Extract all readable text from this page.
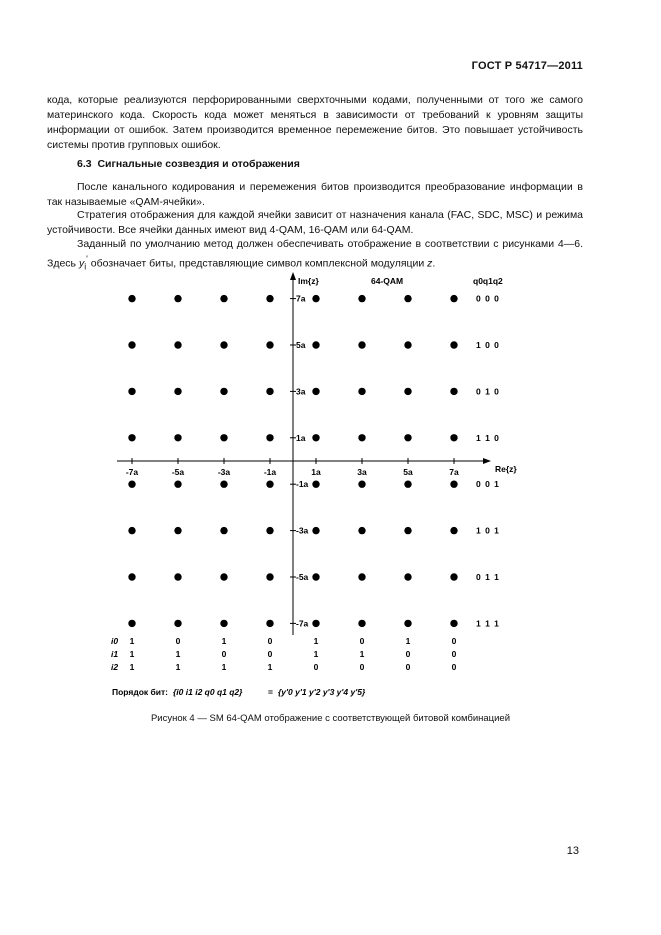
ГОСТ Р 54717—2011

кода, которые реализуются перфорированными сверхточными кодами, полученными от того же самого материнского кода. Скорость кода может меняться в зависимости от требований к уровням защиты информации от ошибок. Затем производится временное перемежение битов. Это повышает устойчивость системы против групповых ошибок.

6.3 Сигнальные созвездия и отображения

После канального кодирования и перемежения битов производится преобразование информации в так называемые «QAM-ячейки».

Стратегия отображения для каждой ячейки зависит от назначения канала (FAC, SDC, MSC) и режима устойчивости. Все ячейки данных имеют вид 4-QAM, 16-QAM или 64-QAM.

Заданный по умолчанию метод должен обеспечивать отображение в соответствии с рисунками 4—6. Здесь $y_i'$ обозначает биты, представляющие символ комплексной модуляции z.

Im{z}
Re{z}
64-QAM	q0q1q2
-7a	-5a	-3a	-1a	1a	3a	5a	7a
7a
5a
3a
1a
-1a
-3a
-5a
-7a
0 0 0
1 0 0
0 1 0
1 1 0
0 0 1
1 0 1
0 1 1
1 1 1
i0
i1
i2
1	0	1	0	1	0	1	0
1	1	0	0	1	1	0	0
1	1	1	1	0	0	0	0
Порядок бит: {i0 i1 i2 q0 q1 q2}	= {y'0 y'1 y'2 y'3 y'4 y'5}
Рисунок 4 — SM 64-QAM отображение с соответствующей битовой комбинацией
13
